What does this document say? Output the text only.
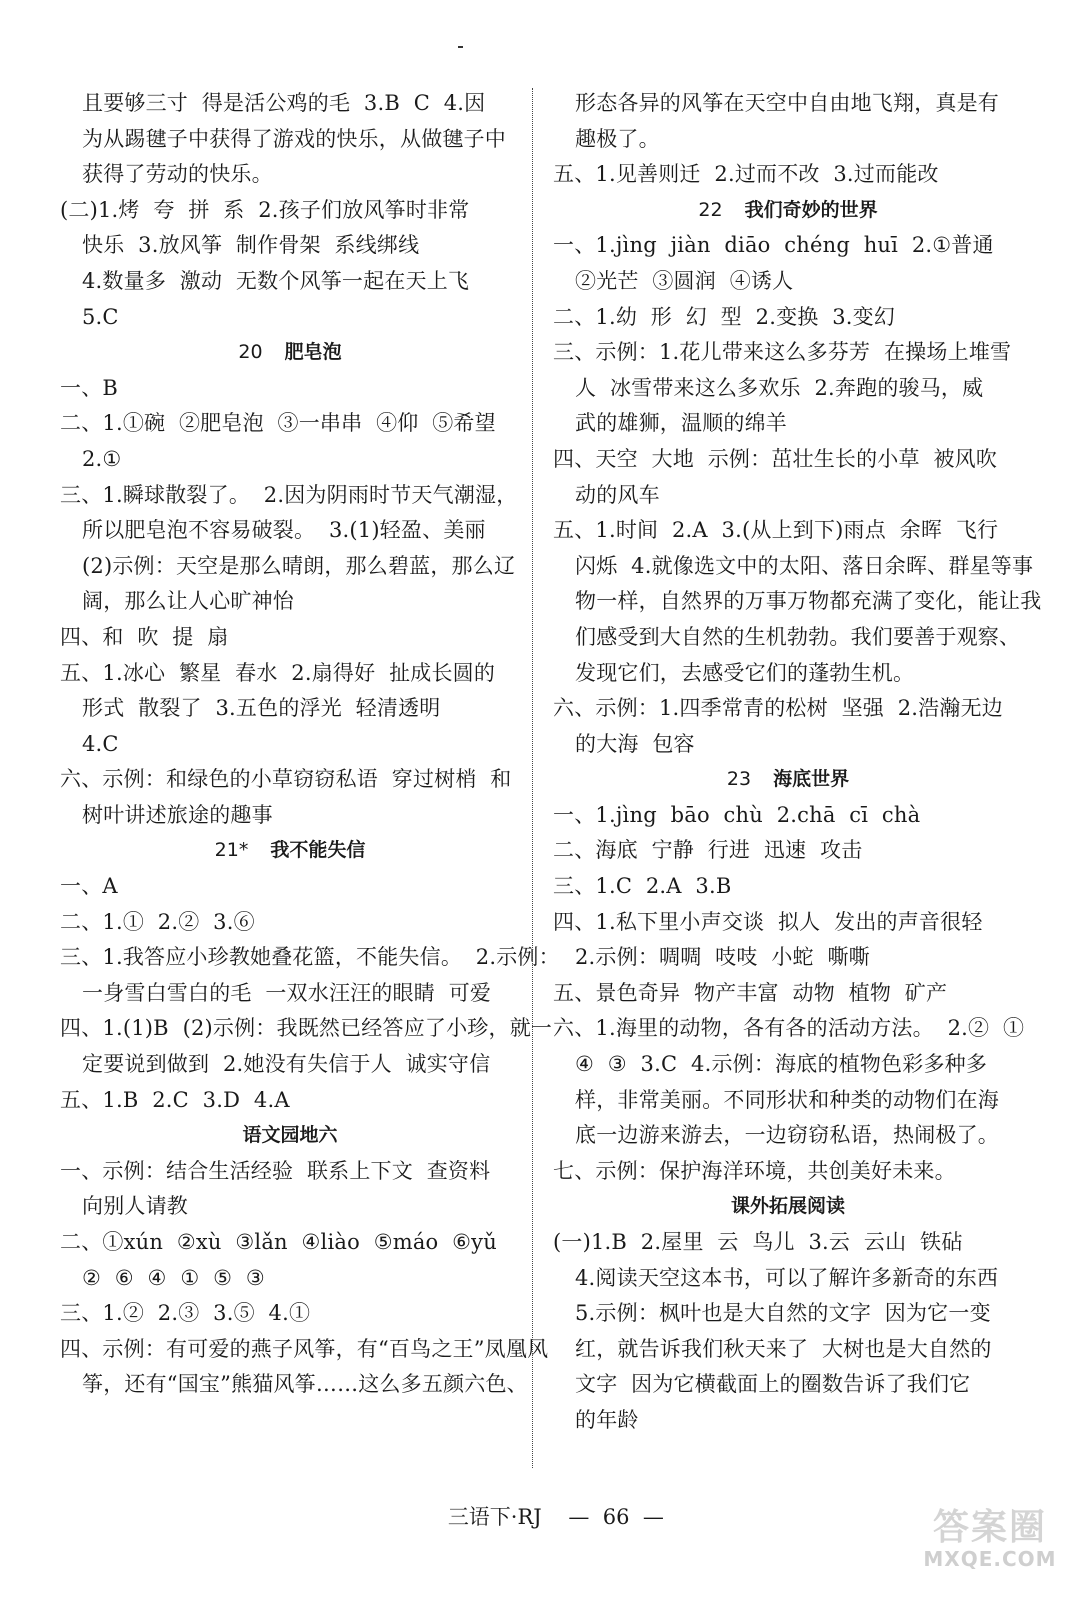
且要够三寸  得是活公鸡的毛  3.B  C  4.因
为从踢毽子中获得了游戏的快乐，从做毽子中
获得了劳动的快乐。
(二)1.烤  夸  拼  系  2.孩子们放风筝时非常
快乐  3.放风筝  制作骨架  系线绑线
4.数量多  激动  无数个风筝一起在天上飞
5.C
20 肥皂泡
一、B
二、1.①碗  ②肥皂泡  ③一串串  ④仰  ⑤希望
2.①
三、1.瞬球散裂了。  2.因为阴雨时节天气潮湿，
所以肥皂泡不容易破裂。  3.(1)轻盈、美丽
(2)示例：天空是那么晴朗，那么碧蓝，那么辽
阔，那么让人心旷神怡
四、和  吹  提  扇
五、1.冰心  繁星  春水  2.扇得好  扯成长圆的
形式  散裂了  3.五色的浮光  轻清透明
4.C
六、示例：和绿色的小草窃窃私语  穿过树梢  和
树叶讲述旅途的趣事
21* 我不能失信
一、A
二、1.①  2.②  3.⑥
三、1.我答应小珍教她叠花篮，不能失信。  2.示例：
一身雪白雪白的毛  一双水汪汪的眼睛  可爱
四、1.(1)B  (2)示例：我既然已经答应了小珍，就一
定要说到做到  2.她没有失信于人  诚实守信
五、1.B  2.C  3.D  4.A
语文园地六
一、示例：结合生活经验  联系上下文  查资料
向别人请教
二、①xún  ②xù  ③lǎn  ④liào  ⑤máo  ⑥yǔ
②  ⑥  ④  ①  ⑤  ③
三、1.②  2.③  3.⑤  4.①
四、示例：有可爱的燕子风筝，有“百鸟之王”凤凰风
筝，还有“国宝”熊猫风筝……这么多五颜六色、
形态各异的风筝在天空中自由地飞翔，真是有
趣极了。
五、1.见善则迁  2.过而不改  3.过而能改
22 我们奇妙的世界
一、1.jìng  jiàn  diāo  chéng  huī  2.①普通
②光芒  ③圆润  ④诱人
二、1.幼  形  幻  型  2.变换  3.变幻
三、示例：1.花儿带来这么多芬芳  在操场上堆雪
人  冰雪带来这么多欢乐  2.奔跑的骏马，威
武的雄狮，温顺的绵羊
四、天空  大地  示例：茁壮生长的小草  被风吹
动的风车
五、1.时间  2.A  3.(从上到下)雨点  余晖  飞行
闪烁  4.就像选文中的太阳、落日余晖、群星等事
物一样，自然界的万事万物都充满了变化，能让我
们感受到大自然的生机勃勃。我们要善于观察、
发现它们，去感受它们的蓬勃生机。
六、示例：1.四季常青的松树  坚强  2.浩瀚无边
的大海  包容
23 海底世界
一、1.jìng  bāo  chù  2.chā  cī  chà
二、海底  宁静  行进  迅速  攻击
三、1.C  2.A  3.B
四、1.私下里小声交谈  拟人  发出的声音很轻
2.示例：啁啁  吱吱  小蛇  嘶嘶
五、景色奇异  物产丰富  动物  植物  矿产
六、1.海里的动物，各有各的活动方法。  2.②  ①
④  ③  3.C  4.示例：海底的植物色彩多种多
样，非常美丽。不同形状和种类的动物们在海
底一边游来游去，一边窃窃私语，热闹极了。
七、示例：保护海洋环境，共创美好未来。
课外拓展阅读
(一)1.B  2.屋里  云  鸟儿  3.云  云山  铁砧
4.阅读天空这本书，可以了解许多新奇的东西
5.示例：枫叶也是大自然的文字  因为它一变
红，就告诉我们秋天来了  大树也是大自然的
文字  因为它横截面上的圈数告诉了我们它
的年龄

三语下·RJ — 66 —
	答案圈
MXQE.COM
